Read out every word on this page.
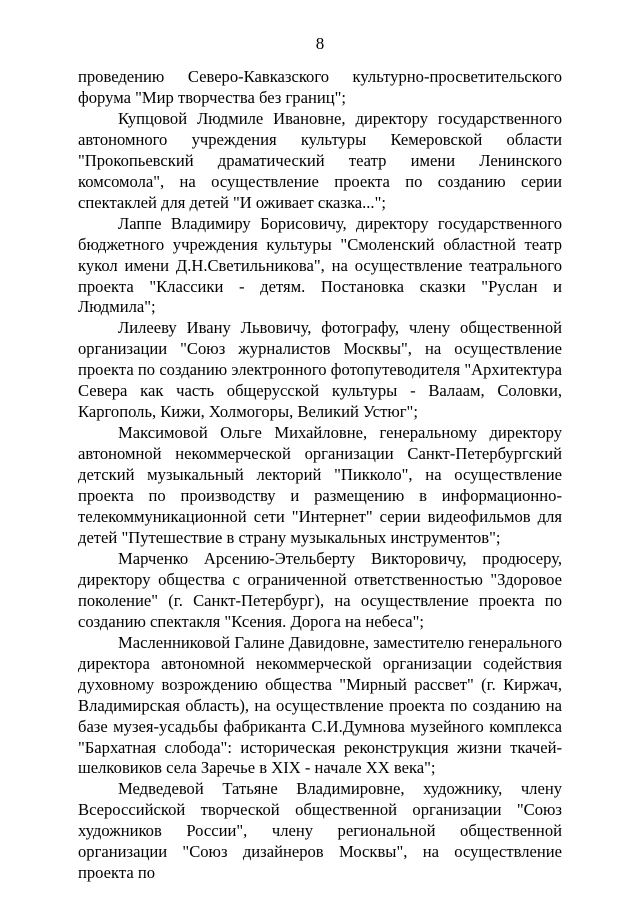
8

проведению Северо-Кавказского культурно-просветительского форума "Мир творчества без границ";

Купцовой Людмиле Ивановне, директору государственного автономного учреждения культуры Кемеровской области "Прокопьевский драматический театр имени Ленинского комсомола", на осуществление проекта по созданию серии спектаклей для детей "И оживает сказка...";

Лаппе Владимиру Борисовичу, директору государственного бюджетного учреждения культуры "Смоленский областной театр кукол имени Д.Н.Светильникова", на осуществление театрального проекта "Классики - детям. Постановка сказки "Руслан и Людмила";

Лилееву Ивану Львовичу, фотографу, члену общественной организации "Союз журналистов Москвы", на осуществление проекта по созданию электронного фотопутеводителя "Архитектура Севера как часть общерусской культуры - Валаам, Соловки, Каргополь, Кижи, Холмогоры, Великий Устюг";

Максимовой Ольге Михайловне, генеральному директору автономной некоммерческой организации Санкт-Петербургский детский музыкальный лекторий "Пикколо", на осуществление проекта по производству и размещению в информационно-телекоммуникационной сети "Интернет" серии видеофильмов для детей "Путешествие в страну музыкальных инструментов";

Марченко Арсению-Этельберту Викторовичу, продюсеру, директору общества с ограниченной ответственностью "Здоровое поколение" (г. Санкт-Петербург), на осуществление проекта по созданию спектакля "Ксения. Дорога на небеса";

Масленниковой Галине Давидовне, заместителю генерального директора автономной некоммерческой организации содействия духовному возрождению общества "Мирный рассвет" (г. Киржач, Владимирская область), на осуществление проекта по созданию на базе музея-усадьбы фабриканта С.И.Думнова музейного комплекса "Бархатная слобода": историческая реконструкция жизни ткачей-шелковиков села Заречье в XIX - начале XX века";

Медведевой Татьяне Владимировне, художнику, члену Всероссийской творческой общественной организации "Союз художников России", члену региональной общественной организации "Союз дизайнеров Москвы", на осуществление проекта по
